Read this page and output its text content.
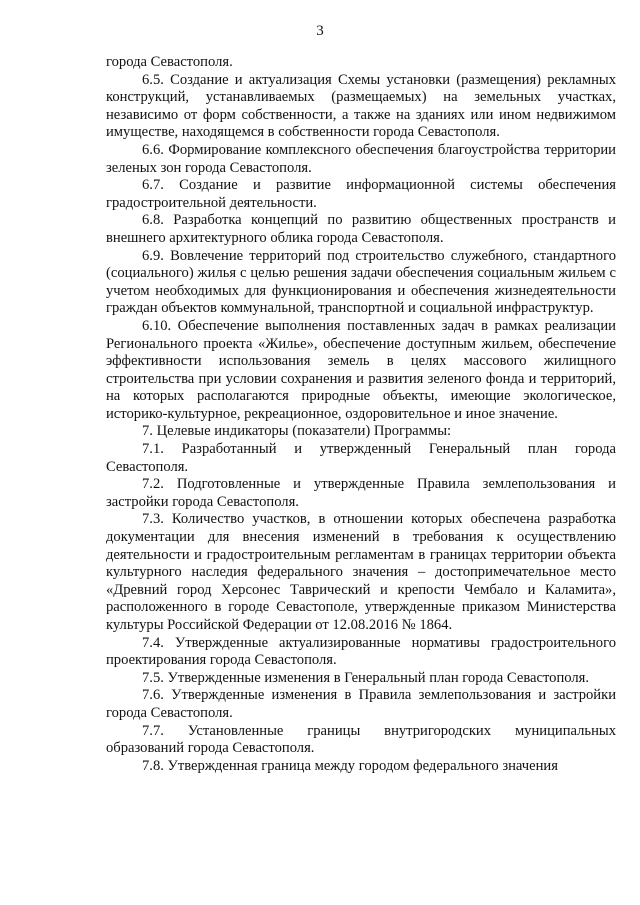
3

города Севастополя.

6.5. Создание и актуализация Схемы установки (размещения) рекламных конструкций, устанавливаемых (размещаемых) на земельных участках, независимо от форм собственности, а также на зданиях или ином недвижимом имуществе, находящемся в собственности города Севастополя.

6.6. Формирование комплексного обеспечения благоустройства территории зеленых зон города Севастополя.

6.7. Создание и развитие информационной системы обеспечения градостроительной деятельности.

6.8. Разработка концепций по развитию общественных пространств и внешнего архитектурного облика города Севастополя.

6.9. Вовлечение территорий под строительство служебного, стандартного (социального) жилья с целью решения задачи обеспечения социальным жильем с учетом необходимых для функционирования и обеспечения жизнедеятельности граждан объектов коммунальной, транспортной и социальной инфраструктур.

6.10. Обеспечение выполнения поставленных задач в рамках реализации Регионального проекта «Жилье», обеспечение доступным жильем, обеспечение эффективности использования земель в целях массового жилищного строительства при условии сохранения и развития зеленого фонда и территорий, на которых располагаются природные объекты, имеющие экологическое, историко-культурное, рекреационное, оздоровительное и иное значение.

7. Целевые индикаторы (показатели) Программы:

7.1. Разработанный и утвержденный Генеральный план города Севастополя.

7.2. Подготовленные и утвержденные Правила землепользования и застройки города Севастополя.

7.3. Количество участков, в отношении которых обеспечена разработка документации для внесения изменений в требования к осуществлению деятельности и градостроительным регламентам в границах территории объекта культурного наследия федерального значения – достопримечательное место «Древний город Херсонес Таврический и крепости Чембало и Каламита», расположенного в городе Севастополе, утвержденные приказом Министерства культуры Российской Федерации от 12.08.2016 № 1864.

7.4. Утвержденные актуализированные нормативы градостроительного проектирования города Севастополя.

7.5. Утвержденные изменения в Генеральный план города Севастополя.

7.6. Утвержденные изменения в Правила землепользования и застройки города Севастополя.

7.7. Установленные границы внутригородских муниципальных образований города Севастополя.

7.8. Утвержденная граница между городом федерального значения
